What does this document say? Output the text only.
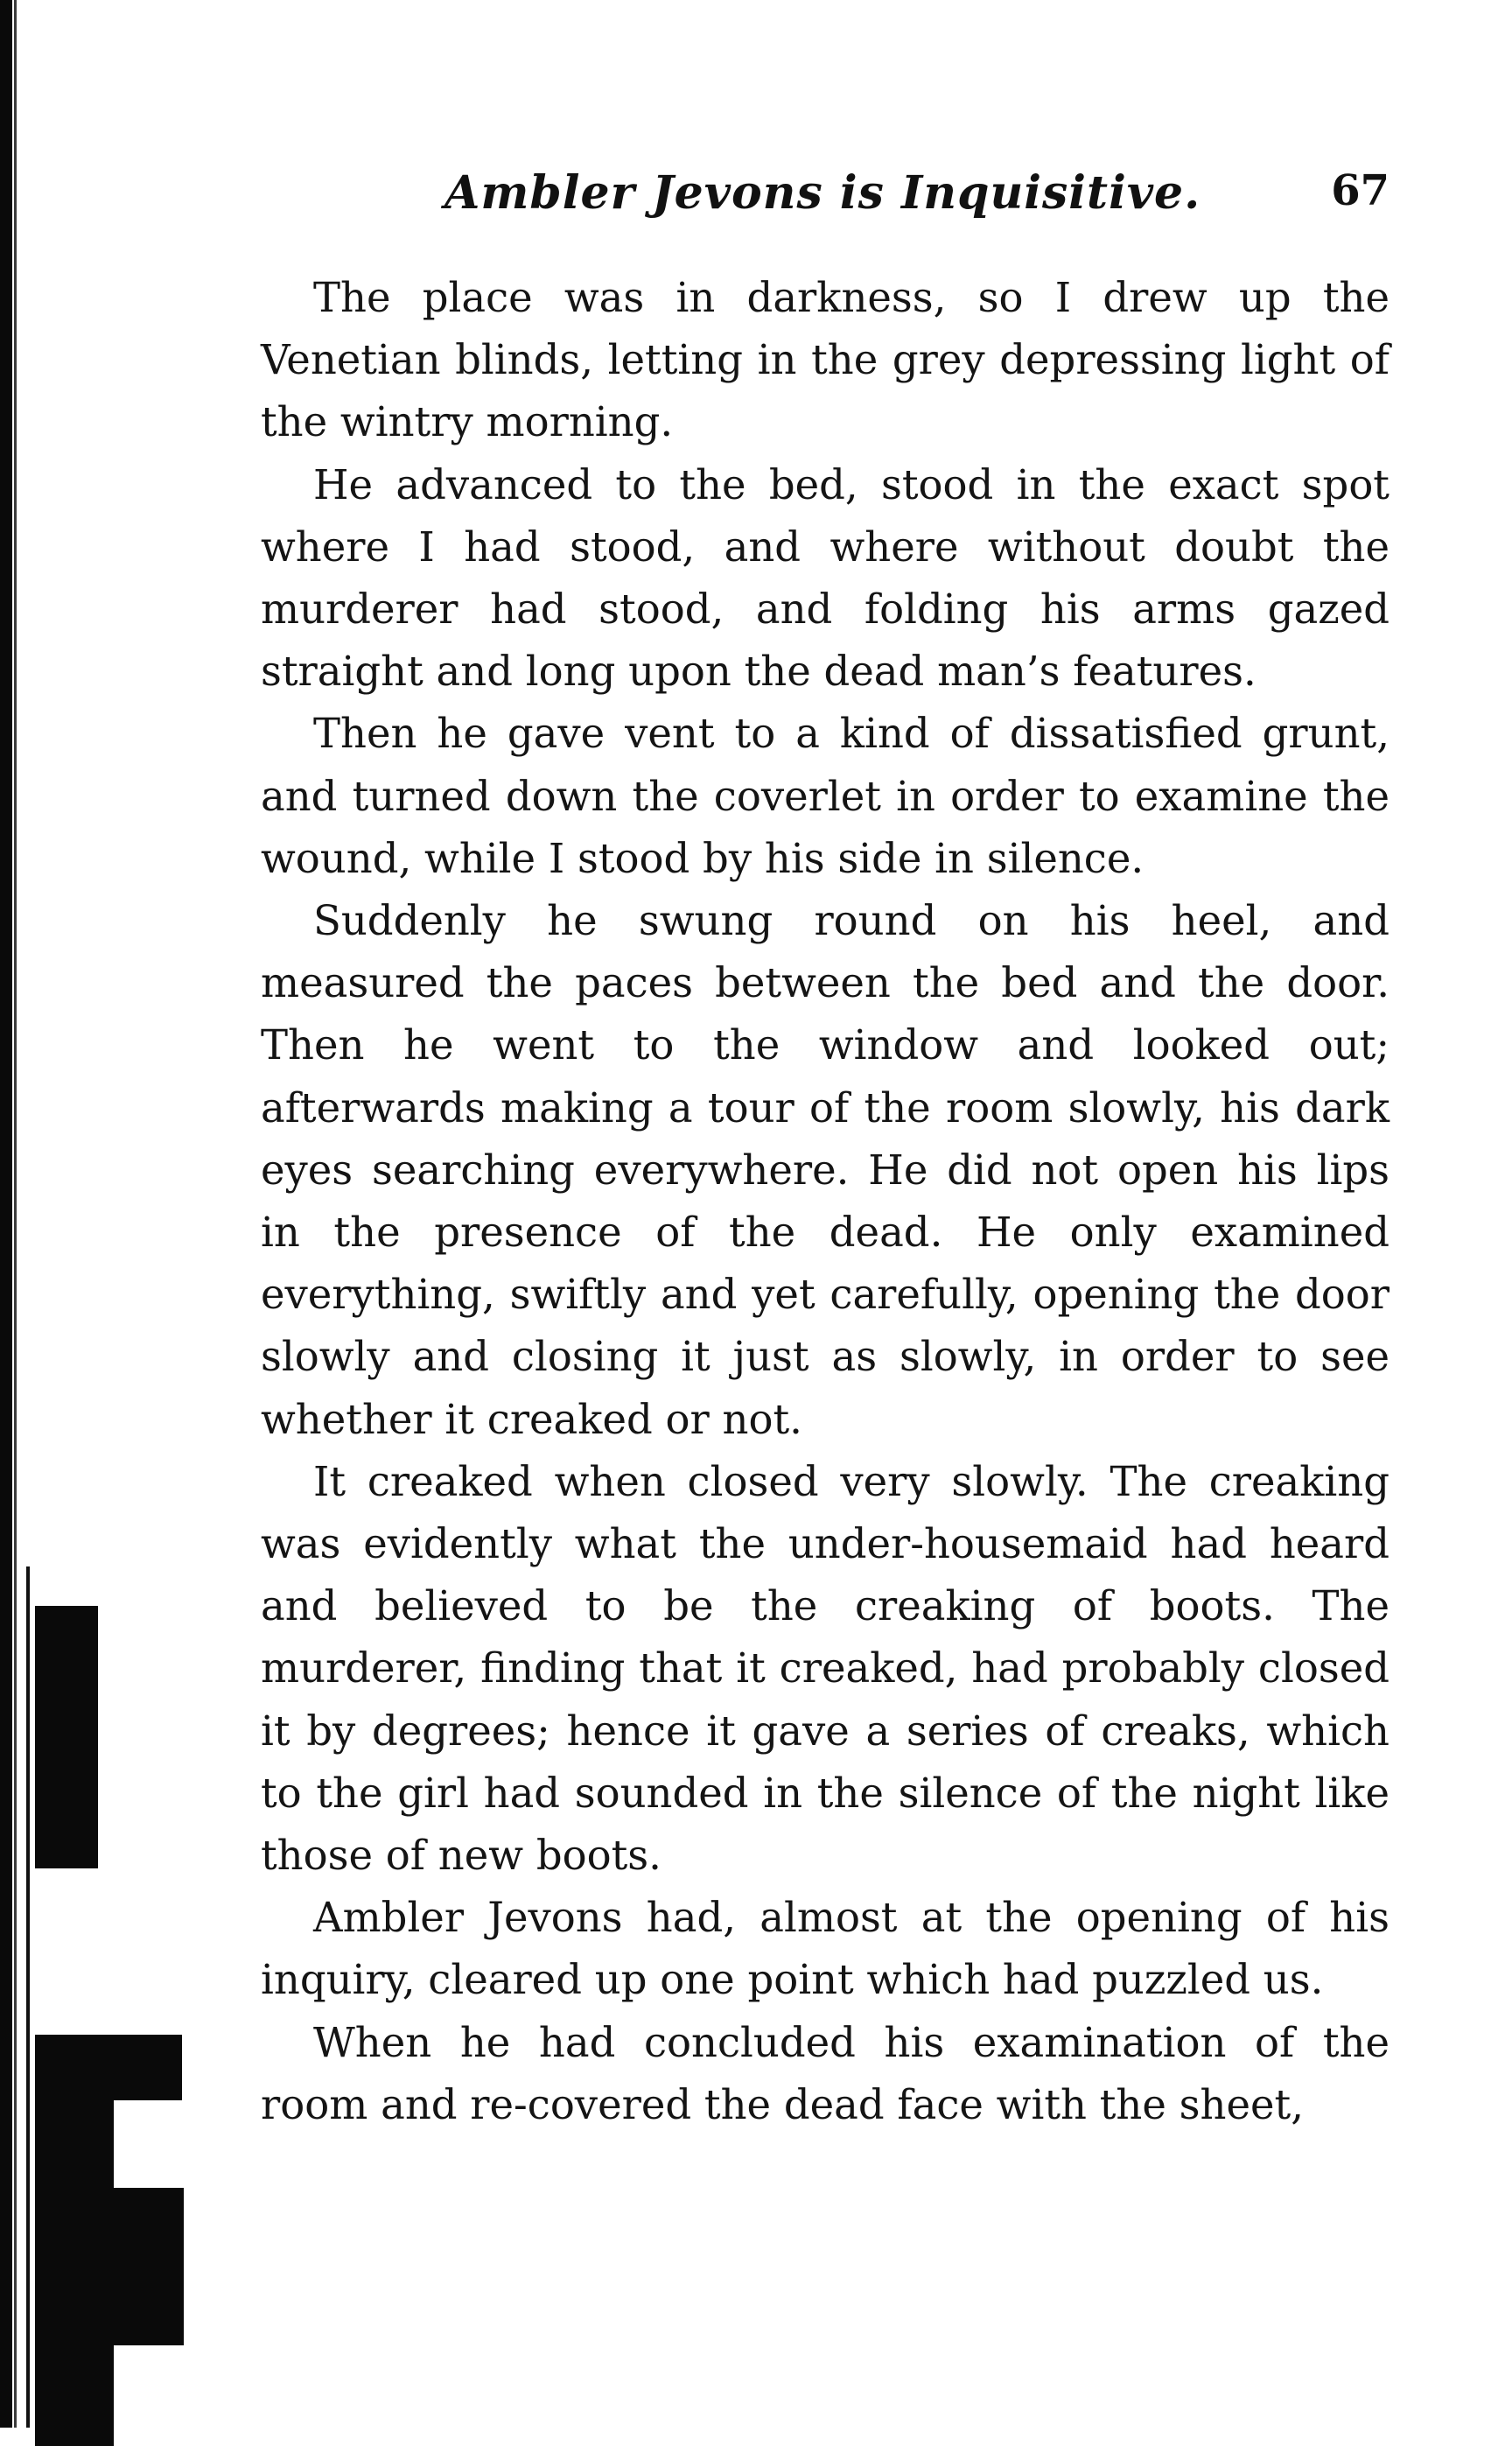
Ambler Jevons is Inquisitive.	67

The place was in darkness, so I drew up the Venetian blinds, letting in the grey depressing light of the wintry morning.

He advanced to the bed, stood in the exact spot where I had stood, and where without doubt the murderer had stood, and folding his arms gazed straight and long upon the dead man’s features.

Then he gave vent to a kind of dissatisfied grunt, and turned down the coverlet in order to examine the wound, while I stood by his side in silence.

Suddenly he swung round on his heel, and measured the paces between the bed and the door. Then he went to the window and looked out; afterwards making a tour of the room slowly, his dark eyes searching everywhere. He did not open his lips in the presence of the dead. He only examined everything, swiftly and yet carefully, opening the door slowly and closing it just as slowly, in order to see whether it creaked or not.

It creaked when closed very slowly. The creaking was evidently what the under-housemaid had heard and believed to be the creaking of boots. The murderer, finding that it creaked, had probably closed it by degrees; hence it gave a series of creaks, which to the girl had sounded in the silence of the night like those of new boots.

Ambler Jevons had, almost at the opening of his inquiry, cleared up one point which had puzzled us.

When he had concluded his examination of the room and re-covered the dead face with the sheet,
